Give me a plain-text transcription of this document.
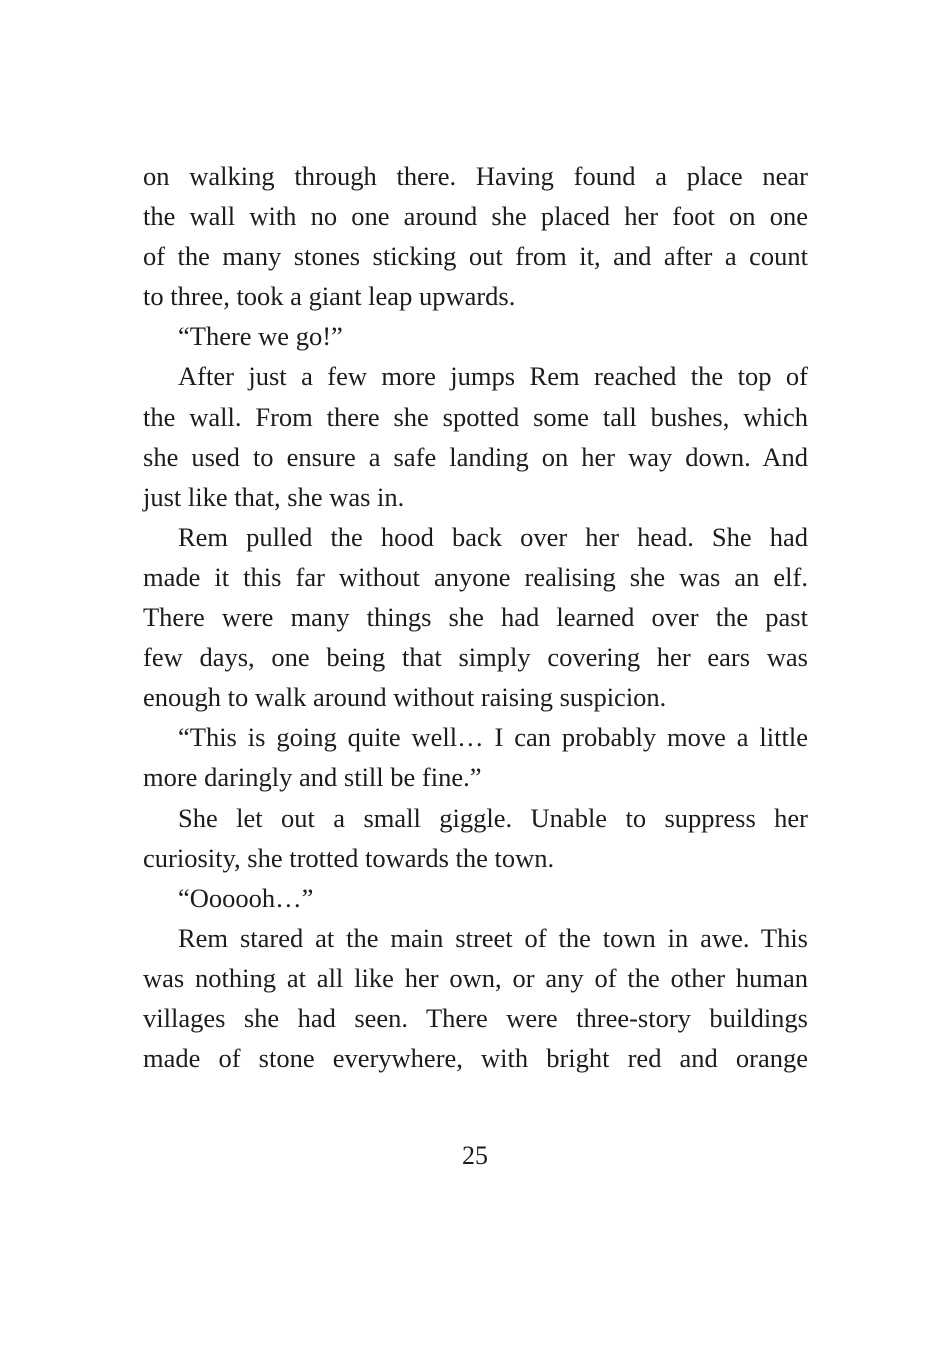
on walking through there. Having found a place near
the wall with no one around she placed her foot on one
of the many stones sticking out from it, and after a count
to three, took a giant leap upwards.
“There we go!”
After just a few more jumps Rem reached the top of
the wall. From there she spotted some tall bushes, which
she used to ensure a safe landing on her way down. And
just like that, she was in.
Rem pulled the hood back over her head. She had
made it this far without anyone realising she was an elf.
There were many things she had learned over the past
few days, one being that simply covering her ears was
enough to walk around without raising suspicion.
“This is going quite well… I can probably move a little
more daringly and still be fine.”
She let out a small giggle. Unable to suppress her
curiosity, she trotted towards the town.
“Oooooh…”
Rem stared at the main street of the town in awe. This
was nothing at all like her own, or any of the other human
villages she had seen. There were three-story buildings
made of stone everywhere, with bright red and orange
25
